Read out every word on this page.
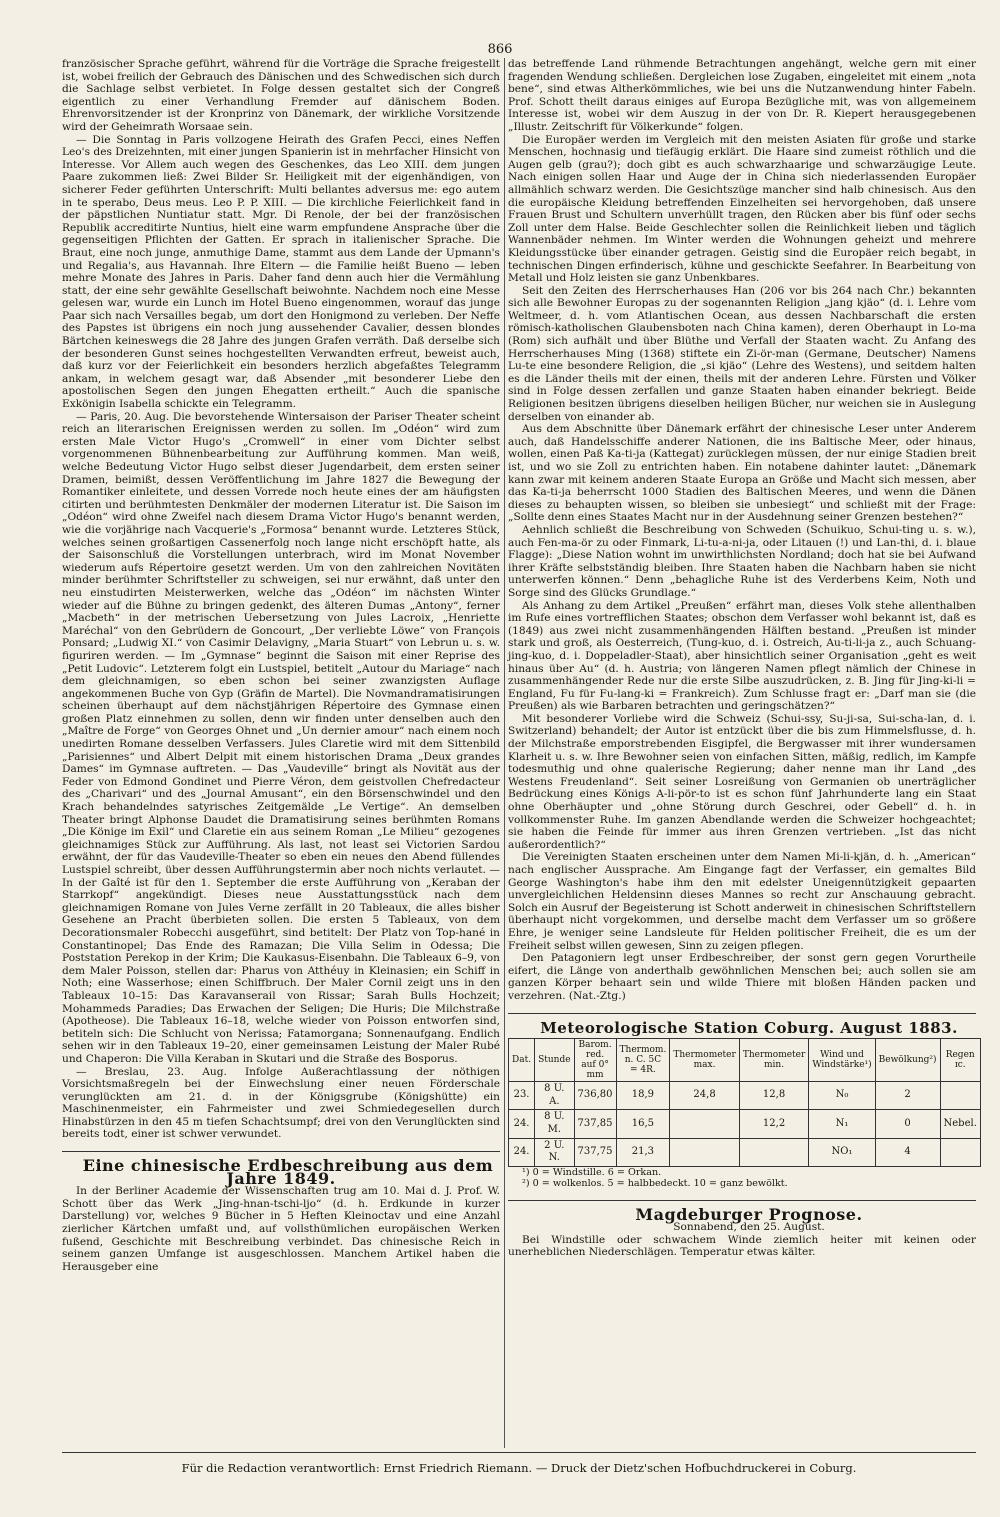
866

französischer Sprache geführt, während für die Vorträge die Sprache freigestellt ist, wobei freilich der Gebrauch des Dänischen und des Schwedischen sich durch die Sachlage selbst verbietet. In Folge dessen gestaltet sich der Congreß eigentlich zu einer Verhandlung Fremder auf dänischem Boden. Ehrenvorsitzender ist der Kronprinz von Dänemark, der wirkliche Vorsitzende wird der Geheimrath Worsaae sein.

— Die Sonntag in Paris vollzogene Heirath des Grafen Pecci, eines Neffen Leo's des Dreizehnten, mit einer jungen Spanierin ist in mehrfacher Hinsicht von Interesse. Vor Allem auch wegen des Geschenkes, das Leo XIII. dem jungen Paare zukommen ließ: Zwei Bilder Sr. Heiligkeit mit der eigenhändigen, von sicherer Feder geführten Unterschrift: Multi bellantes adversus me: ego autem in te sperabo, Deus meus. Leo P. P. XIII. — Die kirchliche Feierlichkeit fand in der päpstlichen Nuntiatur statt. Mgr. Di Renole, der bei der französischen Republik accreditirte Nuntius, hielt eine warm empfundene Ansprache über die gegenseitigen Pflichten der Gatten. Er sprach in italienischer Sprache. Die Braut, eine noch junge, anmuthige Dame, stammt aus dem Lande der Upmann's und Regalia's, aus Havannah. Ihre Eltern — die Familie heißt Bueno — leben mehre Monate des Jahres in Paris. Daher fand denn auch hier die Vermählung statt, der eine sehr gewählte Gesellschaft beiwohnte. Nachdem noch eine Messe gelesen war, wurde ein Lunch im Hotel Bueno eingenommen, worauf das junge Paar sich nach Versailles begab, um dort den Honigmond zu verleben. Der Neffe des Papstes ist übrigens ein noch jung aussehender Cavalier, dessen blondes Bärtchen keineswegs die 28 Jahre des jungen Grafen verräth. Daß derselbe sich der besonderen Gunst seines hochgestellten Verwandten erfreut, beweist auch, daß kurz vor der Feierlichkeit ein besonders herzlich abgefaßtes Telegramm ankam, in welchem gesagt war, daß Absender „mit besonderer Liebe den apostolischen Segen den jungen Ehegatten ertheilt.“ Auch die spanische Exkönigin Isabella schickte ein Telegramm.

— Paris, 20. Aug. Die bevorstehende Wintersaison der Pariser Theater scheint reich an literarischen Ereignissen werden zu sollen. Im „Odéon“ wird zum ersten Male Victor Hugo's „Cromwell“ in einer vom Dichter selbst vorgenommenen Bühnenbearbeitung zur Aufführung kommen. Man weiß, welche Bedeutung Victor Hugo selbst dieser Jugendarbeit, dem ersten seiner Dramen, beimißt, dessen Veröffentlichung im Jahre 1827 die Bewegung der Romantiker einleitete, und dessen Vorrede noch heute eines der am häufigsten citirten und berühmtesten Denkmäler der modernen Literatur ist. Die Saison im „Odéon“ wird ohne Zweifel nach diesem Drama Victor Hugo's benannt werden, wie die vorjährige nach Vacquerie's „Formosa“ benannt wurde. Letzteres Stück, welches seinen großartigen Cassenerfolg noch lange nicht erschöpft hatte, als der Saisonschluß die Vorstellungen unterbrach, wird im Monat November wiederum aufs Répertoire gesetzt werden. Um von den zahlreichen Novitäten minder berühmter Schriftsteller zu schweigen, sei nur erwähnt, daß unter den neu einstudirten Meisterwerken, welche das „Odéon“ im nächsten Winter wieder auf die Bühne zu bringen gedenkt, des älteren Dumas „Antony“, ferner „Macbeth“ in der metrischen Uebersetzung von Jules Lacroix, „Henriette Maréchal“ von den Gebrüdern de Goncourt, „Der verliebte Löwe“ von François Ponsard; „Ludwig XI.“ von Casimir Delavigny, „Maria Stuart“ von Lebrun u. s. w. figuriren werden. — Im „Gymnase“ beginnt die Saison mit einer Reprise des „Petit Ludovic“. Letzterem folgt ein Lustspiel, betitelt „Autour du Mariage“ nach dem gleichnamigen, so eben schon bei seiner zwanzigsten Auflage angekommenen Buche von Gyp (Gräfin de Martel). Die Novmandramatisirungen scheinen überhaupt auf dem nächstjährigen Répertoire des Gymnase einen großen Platz einnehmen zu sollen, denn wir finden unter denselben auch den „Maître de Forge“ von Georges Ohnet und „Un dernier amour“ nach einem noch unedirten Romane desselben Verfassers. Jules Claretie wird mit dem Sittenbild „Parisiennes“ und Albert Delpit mit einem historischen Drama „Deux grandes Dames“ im Gymnase auftreten. — Das „Vaudeville“ bringt als Novität aus der Feder von Edmond Gondinet und Pierre Véron, dem geistvollen Chefredacteur des „Charivari“ und des „Journal Amusant“, ein den Börsenschwindel und den Krach behandelndes satyrisches Zeitgemälde „Le Vertige“. An demselben Theater bringt Alphonse Daudet die Dramatisirung seines berühmten Romans „Die Könige im Exil“ und Claretie ein aus seinem Roman „Le Milieu“ gezogenes gleichnamiges Stück zur Aufführung. Als last, not least sei Victorien Sardou erwähnt, der für das Vaudeville-Theater so eben ein neues den Abend füllendes Lustspiel schreibt, über dessen Aufführungstermin aber noch nichts verlautet. — In der Gaîté ist für den 1. September die erste Aufführung von „Keraban der Starrkopf“ angekündigt. Dieses neue Ausstattungsstück nach dem gleichnamigen Romane von Jules Verne zerfällt in 20 Tableaux, die alles bisher Gesehene an Pracht überbieten sollen. Die ersten 5 Tableaux, von dem Decorationsmaler Robecchi ausgeführt, sind betitelt: Der Platz von Top-hané in Constantinopel; Das Ende des Ramazan; Die Villa Selim in Odessa; Die Poststation Perekop in der Krim; Die Kaukasus-Eisenbahn. Die Tableaux 6–9, von dem Maler Poisson, stellen dar: Pharus von Atthéuy in Kleinasien; ein Schiff in Noth; eine Wasserhose; einen Schiffbruch. Der Maler Cornil zeigt uns in den Tableaux 10–15: Das Karavanserail von Rissar; Sarah Bulls Hochzeit; Mohammeds Paradies; Das Erwachen der Seligen; Die Huris; Die Milchstraße (Apotheose). Die Tableaux 16–18, welche wieder von Poisson entworfen sind, betiteln sich: Die Schlucht von Nerissa; Fatamorgana; Sonnenaufgang. Endlich sehen wir in den Tableaux 19–20, einer gemeinsamen Leistung der Maler Rubé und Chaperon: Die Villa Keraban in Skutari und die Straße des Bosporus.

— Breslau, 23. Aug. Infolge Außerachtlassung der nöthigen Vorsichtsmaßregeln bei der Einwechslung einer neuen Förderschale verunglückten am 21. d. in der Königsgrube (Königshütte) ein Maschinenmeister, ein Fahrmeister und zwei Schmiedegesellen durch Hinabstürzen in den 45 m tiefen Schachtsumpf; drei von den Verunglückten sind bereits todt, einer ist schwer verwundet.

Eine chinesische Erdbeschreibung aus dem Jahre 1849.

In der Berliner Academie der Wissenschaften trug am 10. Mai d. J. Prof. W. Schott über das Werk „Jing-hnan-tschi-ljo“ (d. h. Erdkunde in kurzer Darstellung) vor, welches 9 Bücher in 5 Heften Kleinoctav und eine Anzahl zierlicher Kärtchen umfaßt und, auf vollsthümlichen europäischen Werken fußend, Geschichte mit Beschreibung verbindet. Das chinesische Reich in seinem ganzen Umfange ist ausgeschlossen. Manchem Artikel haben die Herausgeber eine

das betreffende Land rühmende Betrachtungen angehängt, welche gern mit einer fragenden Wendung schließen. Dergleichen lose Zugaben, eingeleitet mit einem „nota bene“, sind etwas Altherkömmliches, wie bei uns die Nutzanwendung hinter Fabeln. Prof. Schott theilt daraus einiges auf Europa Bezügliche mit, was von allgemeinem Interesse ist, wobei wir dem Auszug in der von Dr. R. Kiepert herausgegebenen „Illustr. Zeitschrift für Völkerkunde“ folgen.

Die Europäer werden im Vergleich mit den meisten Asiaten für große und starke Menschen, hochnasig und tiefäugig erklärt. Die Haare sind zumeist röthlich und die Augen gelb (grau?); doch gibt es auch schwarzhaarige und schwarzäugige Leute. Nach einigen sollen Haar und Auge der in China sich niederlassenden Europäer allmählich schwarz werden. Die Gesichtszüge mancher sind halb chinesisch. Aus den die europäische Kleidung betreffenden Einzelheiten sei hervorgehoben, daß unsere Frauen Brust und Schultern unverhüllt tragen, den Rücken aber bis fünf oder sechs Zoll unter dem Halse. Beide Geschlechter sollen die Reinlichkeit lieben und täglich Wannenbäder nehmen. Im Winter werden die Wohnungen geheizt und mehrere Kleidungsstücke über einander getragen. Geistig sind die Europäer reich begabt, in technischen Dingen erfinderisch, kühne und geschickte Seefahrer. In Bearbeitung von Metall und Holz leisten sie ganz Unbenkbares.

Seit den Zeiten des Herrscherhauses Han (206 vor bis 264 nach Chr.) bekannten sich alle Bewohner Europas zu der sogenannten Religion „jang kjäo“ (d. i. Lehre vom Weltmeer, d. h. vom Atlantischen Ocean, aus dessen Nachbarschaft die ersten römisch-katholischen Glaubensboten nach China kamen), deren Oberhaupt in Lo-ma (Rom) sich aufhält und über Blüthe und Verfall der Staaten wacht. Zu Anfang des Herrscherhauses Ming (1368) stiftete ein Zi-ör-man (Germane, Deutscher) Namens Lu-te eine besondere Religion, die „si kjäo“ (Lehre des Westens), und seitdem halten es die Länder theils mit der einen, theils mit der anderen Lehre. Fürsten und Völker sind in Folge dessen zerfallen und ganze Staaten haben einander bekriegt. Beide Religionen besitzen übrigens dieselben heiligen Bücher, nur weichen sie in Auslegung derselben von einander ab.

Aus dem Abschnitte über Dänemark erfährt der chinesische Leser unter Anderem auch, daß Handelsschiffe anderer Nationen, die ins Baltische Meer, oder hinaus, wollen, einen Paß Ka-ti-ja (Kattegat) zurücklegen müssen, der nur einige Stadien breit ist, und wo sie Zoll zu entrichten haben. Ein notabene dahinter lautet: „Dänemark kann zwar mit keinem anderen Staate Europa an Größe und Macht sich messen, aber das Ka-ti-ja beherrscht 1000 Stadien des Baltischen Meeres, und wenn die Dänen dieses zu behaupten wissen, so bleiben sie unbesiegt“ und schließt mit der Frage: „Sollte denn eines Staates Macht nur in der Ausdehnung seiner Grenzen bestehen?“

Aehnlich schließt die Beschreibung von Schweden (Schuikuo, Schui-ting u. s. w.), auch Fen-ma-ör zu oder Finmark, Li-tu-a-ni-ja, oder Litauen (!) und Lan-thi, d. i. blaue Flagge): „Diese Nation wohnt im unwirthlichsten Nordland; doch hat sie bei Aufwand ihrer Kräfte selbstständig bleiben. Ihre Staaten haben die Nachbarn haben sie nicht unterwerfen können.“ Denn „behagliche Ruhe ist des Verderbens Keim, Noth und Sorge sind des Glücks Grundlage.“

Als Anhang zu dem Artikel „Preußen“ erfährt man, dieses Volk stehe allenthalben im Rufe eines vortrefflichen Staates; obschon dem Verfasser wohl bekannt ist, daß es (1849) aus zwei nicht zusammenhängenden Hälften bestand. „Preußen ist minder stark und groß, als Oesterreich, (Tung-kuo, d. i. Ostreich, Au-ti-li-ja z., auch Schuang-jing-kuo, d. i. Doppeladler-Staat), aber hinsichtlich seiner Organisation „geht es weit hinaus über Au“ (d. h. Austria; von längeren Namen pflegt nämlich der Chinese in zusammenhängender Rede nur die erste Silbe auszudrücken, z. B. Jing für Jing-ki-li = England, Fu für Fu-lang-ki = Frankreich). Zum Schlusse fragt er: „Darf man sie (die Preußen) als wie Barbaren betrachten und geringschätzen?“

Mit besonderer Vorliebe wird die Schweiz (Schui-ssy, Su-ji-sa, Sui-scha-lan, d. i. Switzerland) behandelt; der Autor ist entzückt über die bis zum Himmelsflusse, d. h. der Milchstraße emporstrebenden Eisgipfel, die Bergwasser mit ihrer wundersamen Klarheit u. s. w. Ihre Bewohner seien von einfachen Sitten, mäßig, redlich, im Kampfe todesmuthig und ohne qualerische Regierung; daher nenne man ihr Land „des Westens Freudenland“. Seit seiner Losreißung von Germanien ob unerträglicher Bedrückung eines Königs A-li-pör-to ist es schon fünf Jahrhunderte lang ein Staat ohne Oberhäupter und „ohne Störung durch Geschrei, oder Gebell“ d. h. in vollkommenster Ruhe. Im ganzen Abendlande werden die Schweizer hochgeachtet; sie haben die Feinde für immer aus ihren Grenzen vertrieben. „Ist das nicht außerordentlich?“

Die Vereinigten Staaten erscheinen unter dem Namen Mi-li-kjän, d. h. „American“ nach englischer Aussprache. Am Eingange fagt der Verfasser, ein gemaltes Bild George Washington's habe ihm den mit edelster Uneigennützigkeit gepaarten unvergleichlichen Heldensinn dieses Mannes so recht zur Anschauung gebracht. Solch ein Ausruf der Begeisterung ist Schott anderweit in chinesischen Schriftstellern überhaupt nicht vorgekommen, und derselbe macht dem Verfasser um so größere Ehre, je weniger seine Landsleute für Helden politischer Freiheit, die es um der Freiheit selbst willen gewesen, Sinn zu zeigen pflegen.

Den Patagoniern legt unser Erdbeschreiber, der sonst gern gegen Vorurtheile eifert, die Länge von anderthalb gewöhnlichen Menschen bei; auch sollen sie am ganzen Körper behaart sein und wilde Thiere mit bloßen Händen packen und verzehren. (Nat.-Ztg.)

Meteorologische Station Coburg. August 1883.

Dat.	Stunde	Barom. red. auf 0° mm	Thermom. n. C. 5C = 4R.	Thermometer max.	Thermometer min.	Wind und Windstärke¹)	Bewölkung²)	Regen ɪc.
23.	8 U. A.	736,80	18,9	24,8	12,8	N₀	2	
24.	8 U. M.	737,85	16,5		12,2	N₁	0	Nebel.
24.	2 U. N.	737,75	21,3			NO₁	4	

¹) 0 = Windstille. 6 = Orkan.

²) 0 = wolkenlos. 5 = halbbedeckt. 10 = ganz bewölkt.

Magdeburger Prognose.

Sonnabend, den 25. August.

Bei Windstille oder schwachem Winde ziemlich heiter mit keinen oder unerheblichen Niederschlägen. Temperatur etwas kälter.

Für die Redaction verantwortlich: Ernst Friedrich Riemann. — Druck der Dietz'schen Hofbuchdruckerei in Coburg.
